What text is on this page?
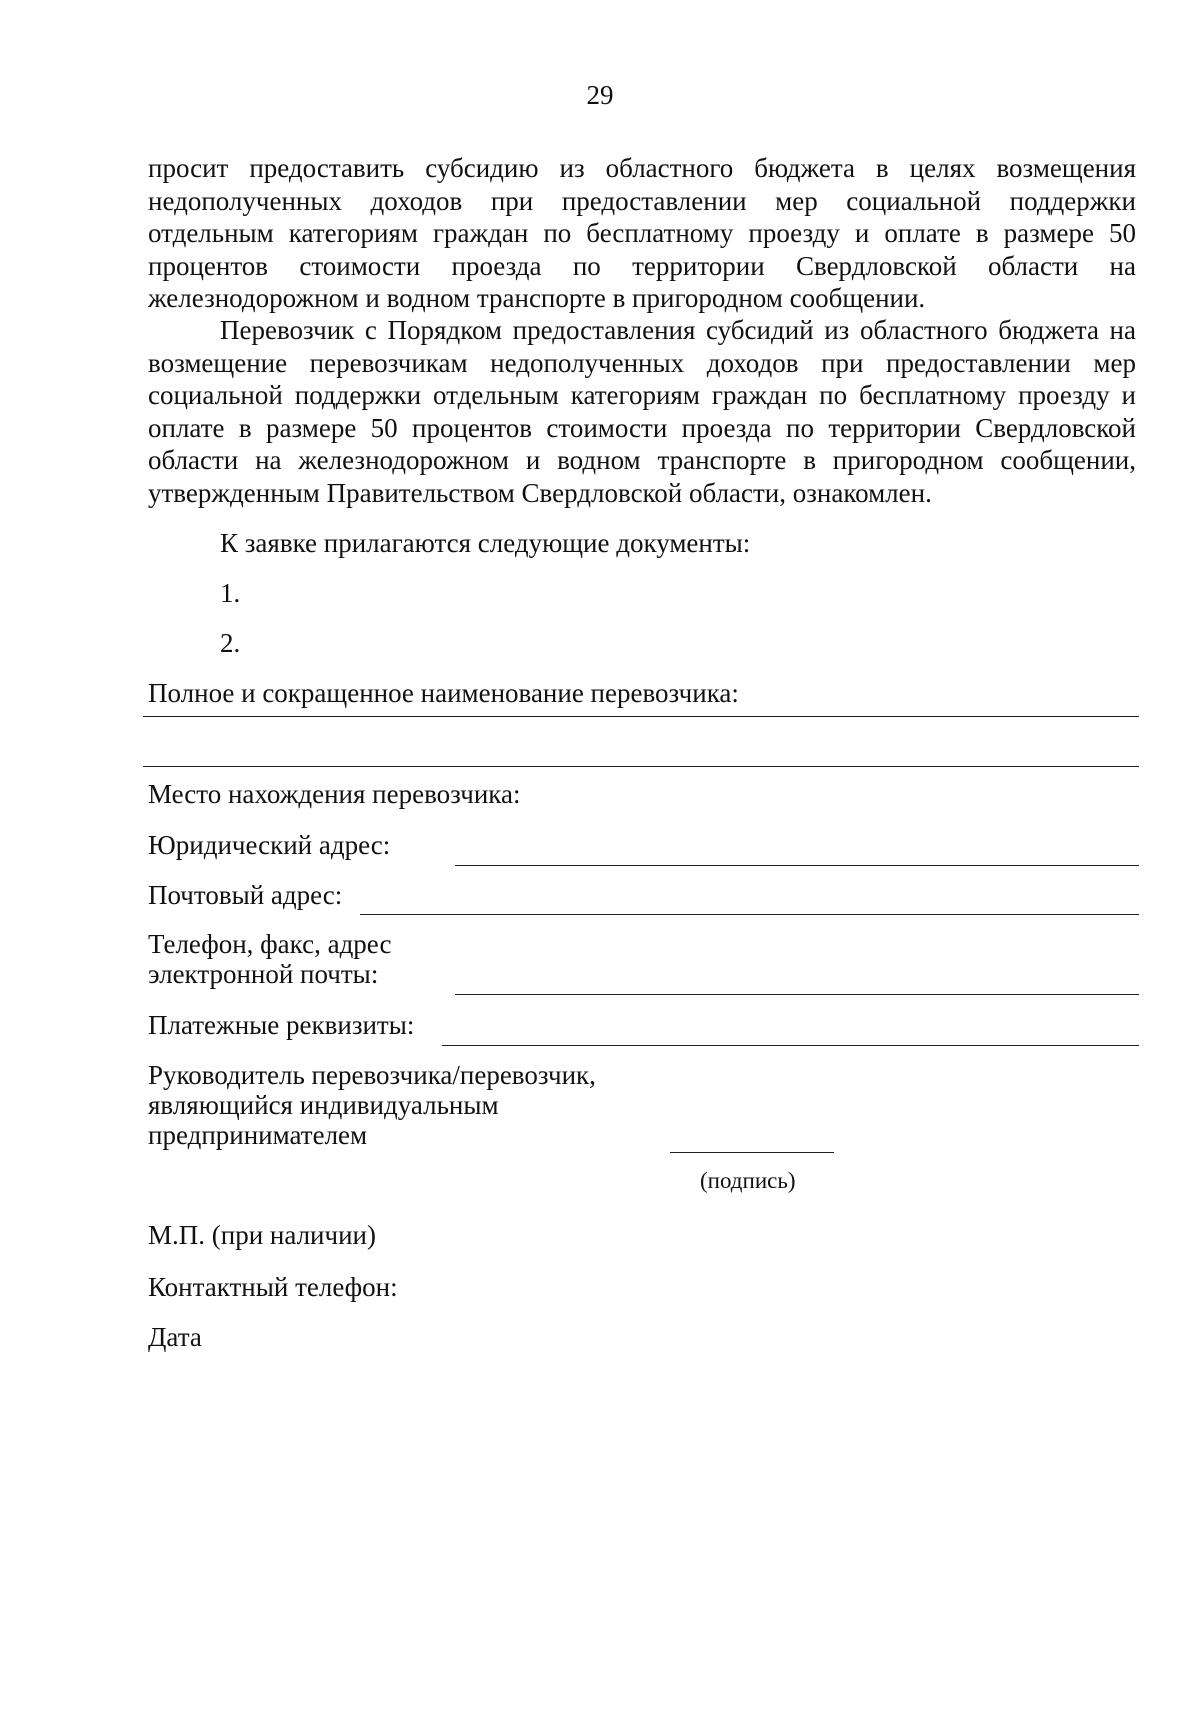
29

просит предоставить субсидию из областного бюджета в целях возмещения недополученных доходов при предоставлении мер социальной поддержки отдельным категориям граждан по бесплатному проезду и оплате в размере 50 процентов стоимости проезда по территории Свердловской области на железнодорожном и водном транспорте в пригородном сообщении.

Перевозчик с Порядком предоставления субсидий из областного бюджета на возмещение перевозчикам недополученных доходов при предоставлении мер социальной поддержки отдельным категориям граждан по бесплатному проезду и оплате в размере 50 процентов стоимости проезда по территории Свердловской области на железнодорожном и водном транспорте в пригородном сообщении, утвержденным Правительством Свердловской области, ознакомлен.

К заявке прилагаются следующие документы:
1.
2.
Полное и сокращенное наименование перевозчика:
Место нахождения перевозчика:
Юридический адрес:
Почтовый адрес:
Телефон, факс, адрес
электронной почты:
Платежные реквизиты:
Руководитель перевозчика/перевозчик,
являющийся индивидуальным
предпринимателем
(подпись)
М.П. (при наличии)
Контактный телефон:
Дата
